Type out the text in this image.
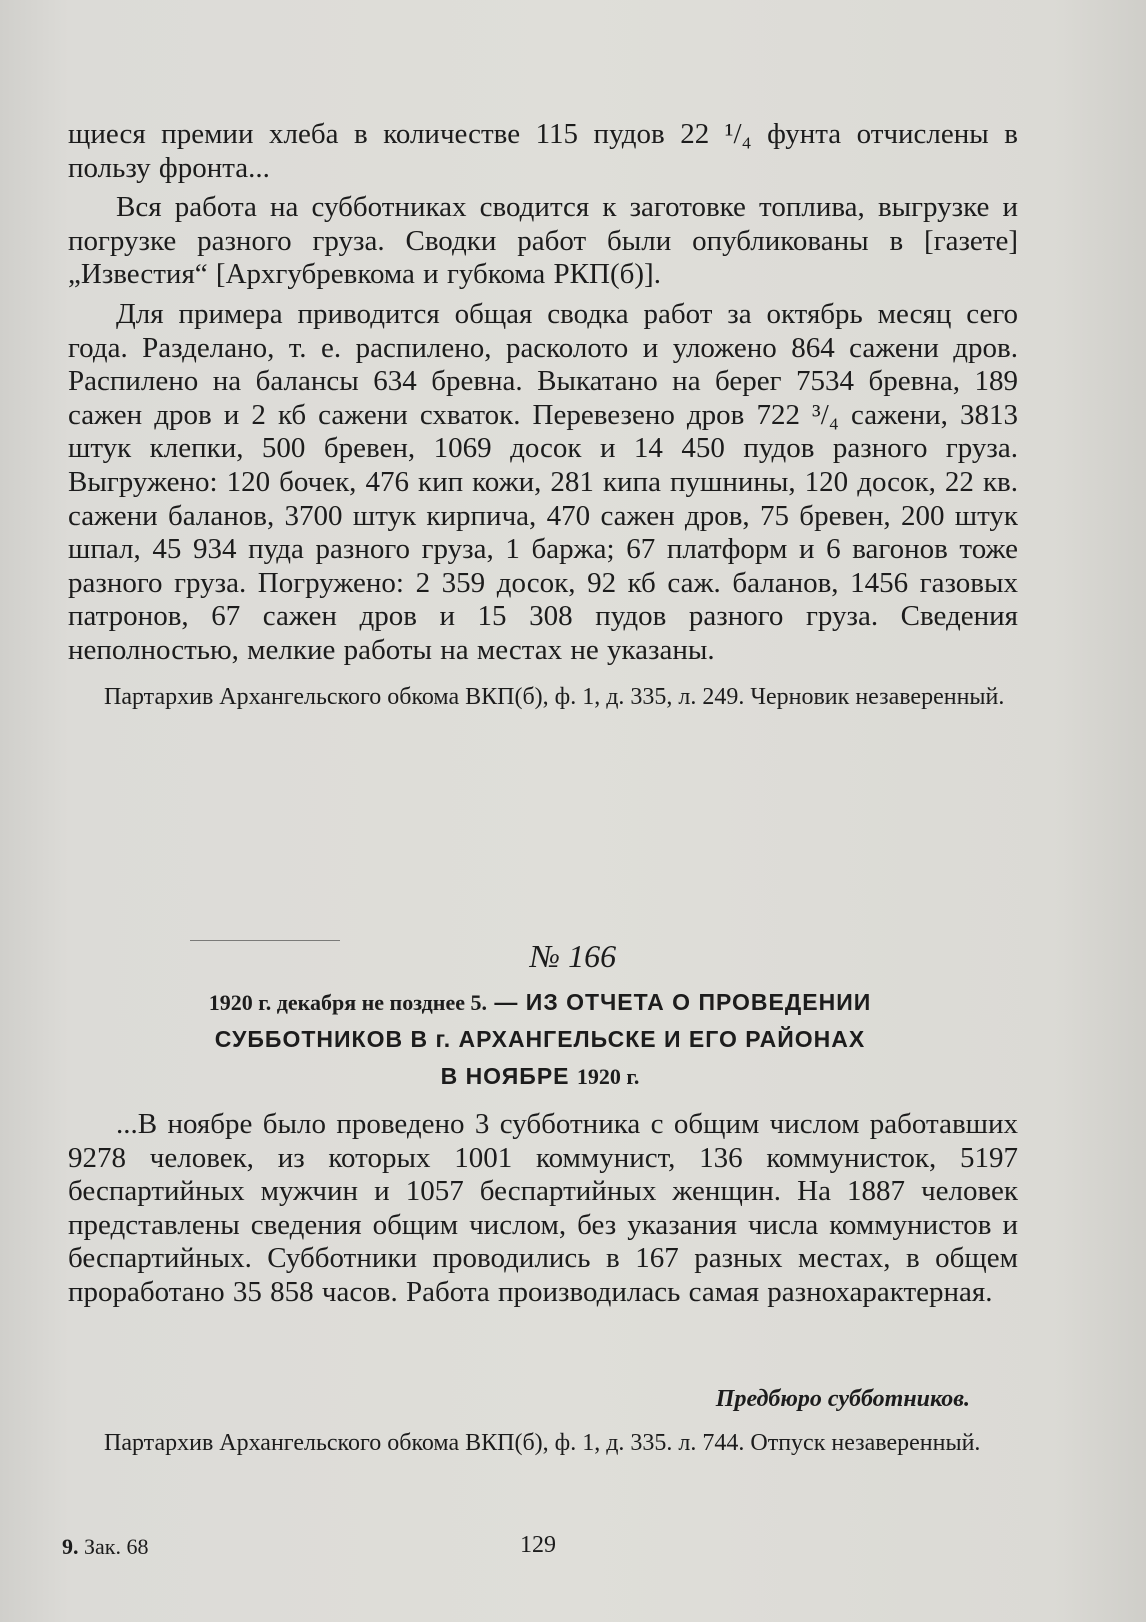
щиеся премии хлеба в количестве 115 пудов 22 ¹/₄ фунта отчислены в пользу фронта...

Вся работа на субботниках сводится к заготовке топлива, выгрузке и погрузке разного груза. Сводки работ были опубликованы в [газете] „Известия“ [Архгубревкома и губкома РКП(б)].

Для примера приводится общая сводка работ за октябрь месяц сего года. Разделано, т. е. распилено, расколото и уложено 864 сажени дров. Распилено на балансы 634 бревна. Выкатано на берег 7534 бревна, 189 сажен дров и 2 кб сажени схваток. Перевезено дров 722 ³/₄ сажени, 3813 штук клепки, 500 бревен, 1069 досок и 14 450 пудов разного груза. Выгружено: 120 бочек, 476 кип кожи, 281 кипа пушнины, 120 досок, 22 кв. сажени баланов, 3700 штук кирпича, 470 сажен дров, 75 бревен, 200 штук шпал, 45 934 пуда разного груза, 1 баржа; 67 платформ и 6 вагонов тоже разного груза. Погружено: 2 359 досок, 92 кб саж. баланов, 1456 газовых патронов, 67 сажен дров и 15 308 пудов разного груза. Сведения неполностью, мелкие работы на местах не указаны.

Партархив Архангельского обкома ВКП(б), ф. 1, д. 335, л. 249. Черновик незаверенный.

№ 166
1920 г. декабря не позднее 5. — ИЗ ОТЧЕТА О ПРОВЕДЕНИИ
СУББОТНИКОВ В г. АРХАНГЕЛЬСКЕ И ЕГО РАЙОНАХ
В НОЯБРЕ 1920 г.

...В ноябре было проведено 3 субботника с общим числом работавших 9278 человек, из которых 1001 коммунист, 136 коммунисток, 5197 беспартийных мужчин и 1057 беспартийных женщин. На 1887 человек представлены сведения общим числом, без указания числа коммунистов и беспартийных. Субботники проводились в 167 разных местах, в общем проработано 35 858 часов. Работа производилась самая разнохарактерная.

Предбюро субботников.

Партархив Архангельского обкома ВКП(б), ф. 1, д. 335. л. 744. Отпуск незаверенный.

9. Зак. 68	129
